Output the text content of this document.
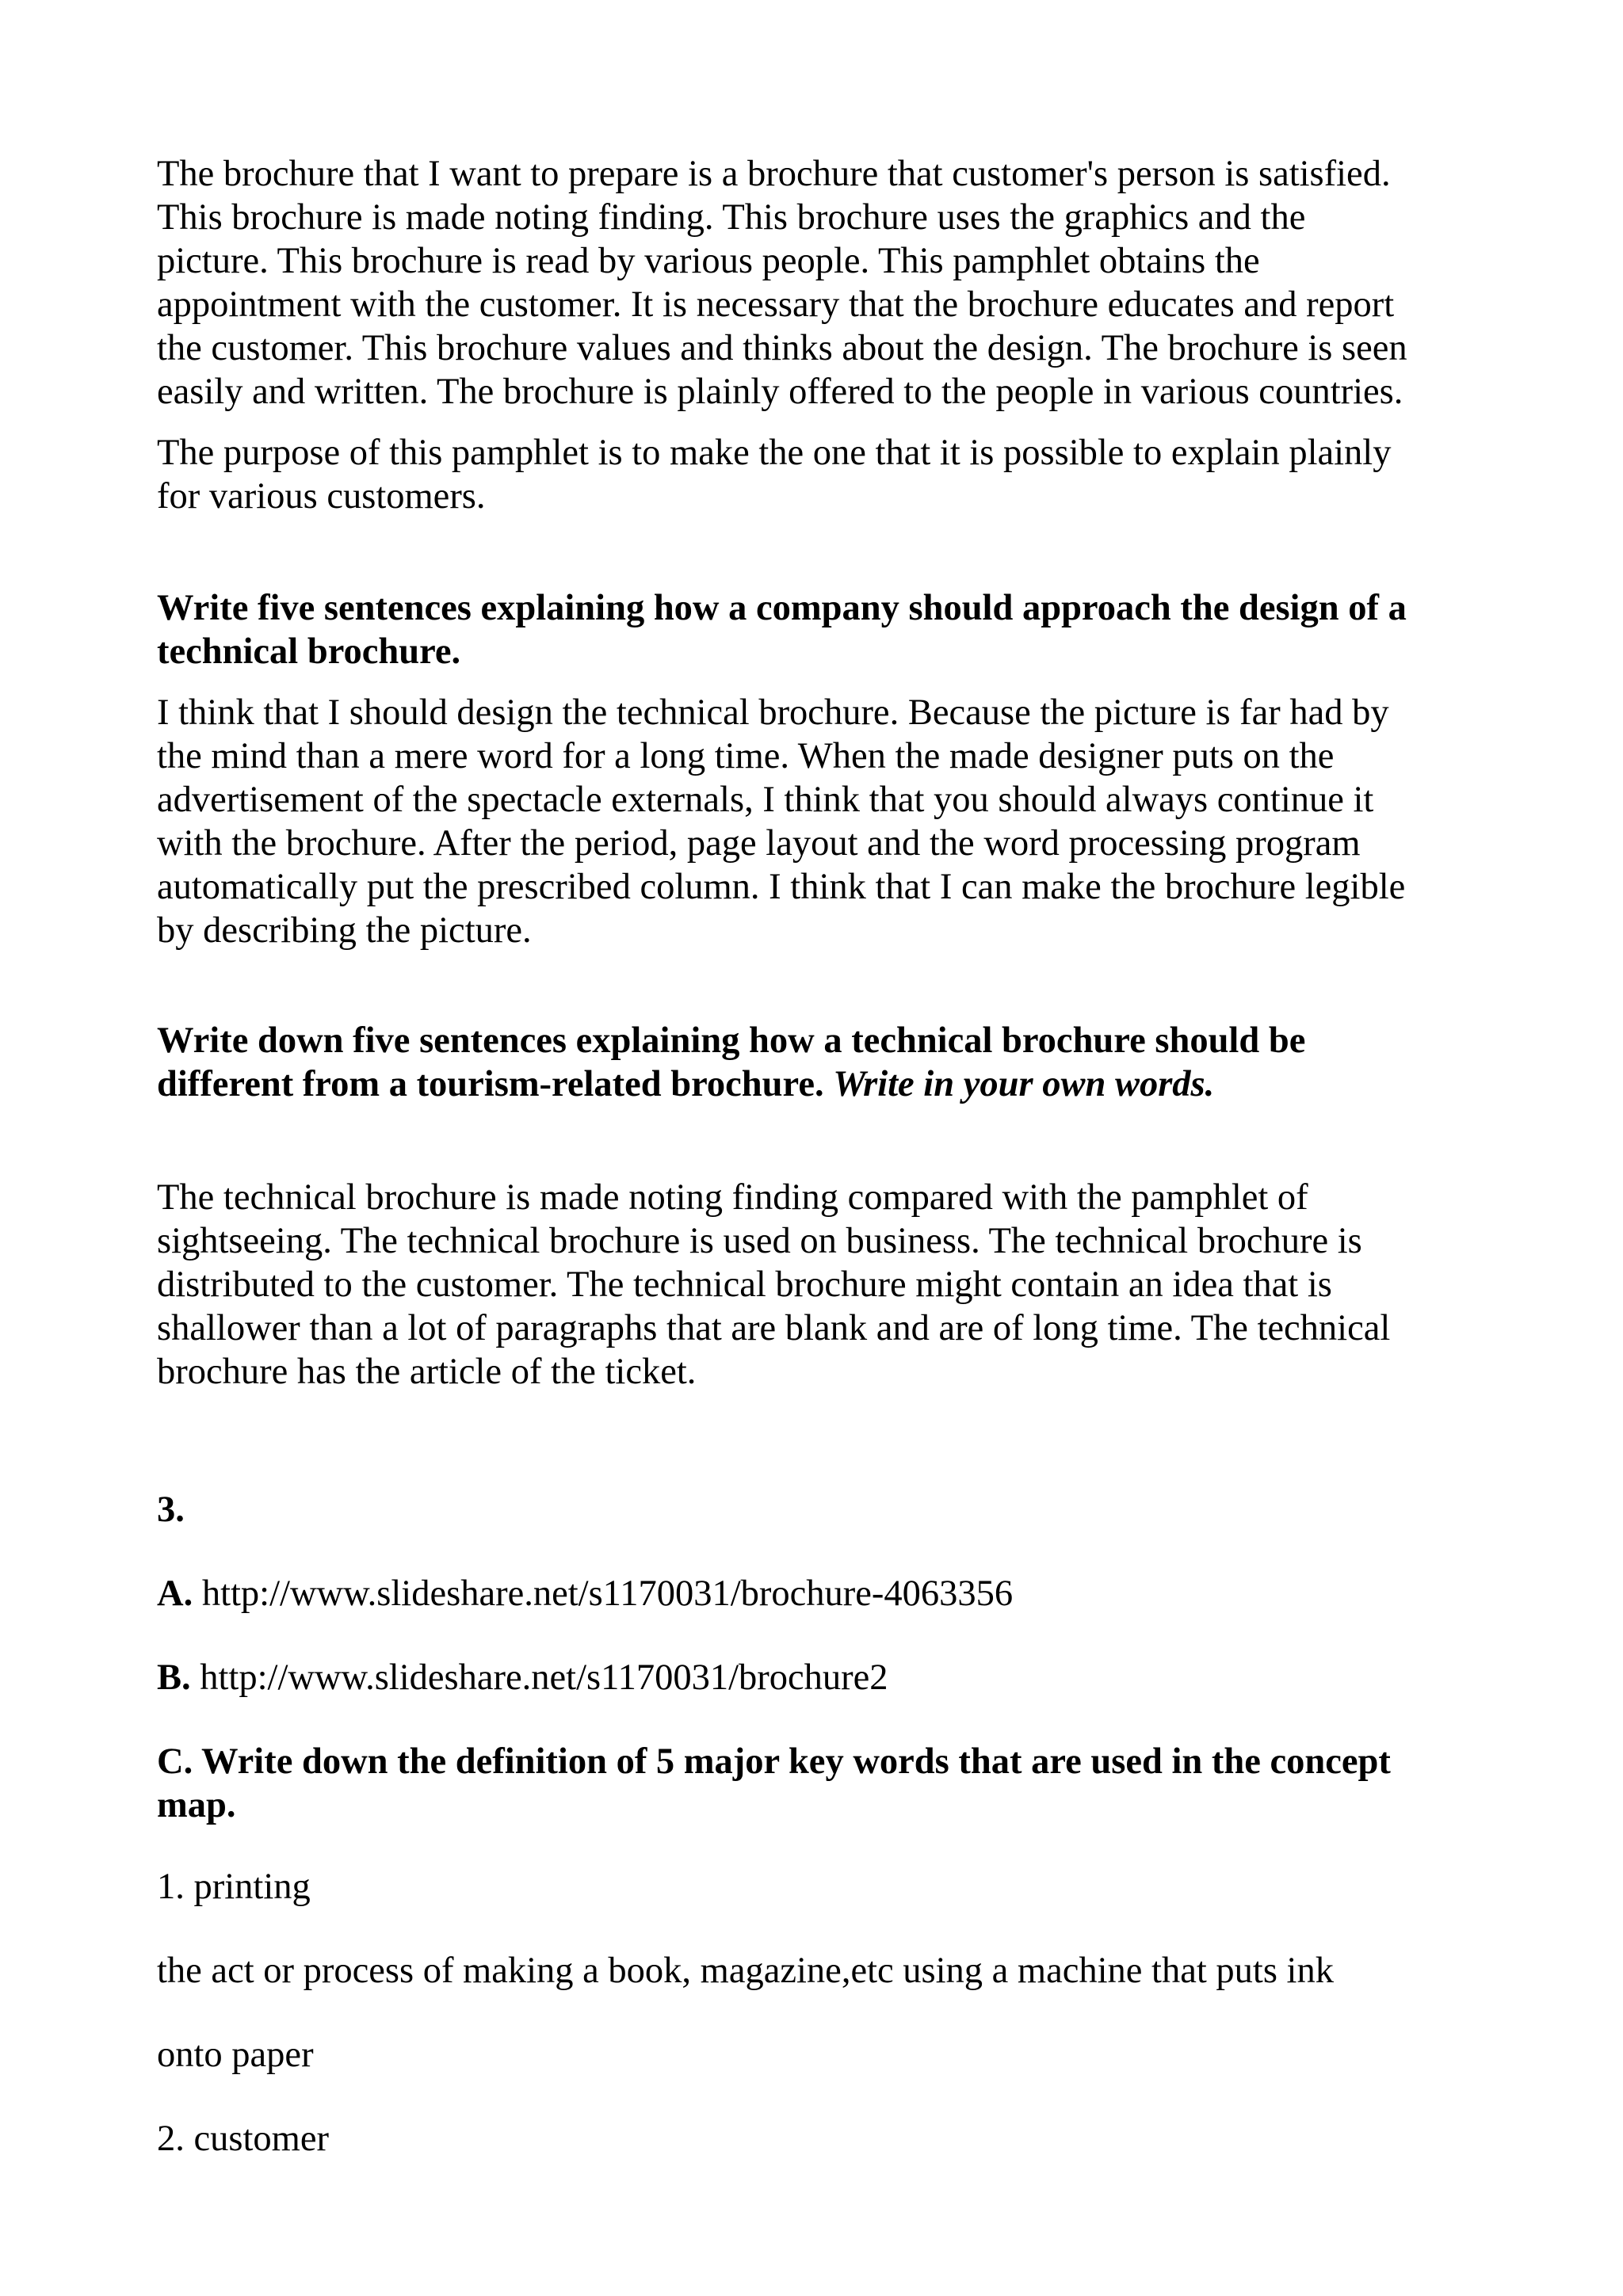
The brochure that I want to prepare is a brochure that customer's person is satisfied.
This brochure is made noting finding. This brochure uses the graphics and the
picture. This brochure is read by various people. This pamphlet obtains the
appointment with the customer. It is necessary that the brochure educates and report
the customer. This brochure values and thinks about the design. The brochure is seen
easily and written. The brochure is plainly offered to the people in various countries.

The purpose of this pamphlet is to make the one that it is possible to explain plainly
for various customers.

Write five sentences explaining how a company should approach the design of a
technical brochure.

I think that I should design the technical brochure. Because the picture is far had by
the mind than a mere word for a long time. When the made designer puts on the
advertisement of the spectacle externals, I think that you should always continue it
with the brochure. After the period, page layout and the word processing program
automatically put the prescribed column. I think that I can make the brochure legible
by describing the picture.

Write down five sentences explaining how a technical brochure should be
different from a tourism-related brochure. Write in your own words.

The technical brochure is made noting finding compared with the pamphlet of
sightseeing. The technical brochure is used on business. The technical brochure is
distributed to the customer. The technical brochure might contain an idea that is
shallower than a lot of paragraphs that are blank and are of long time. The technical
brochure has the article of the ticket.

3.

A. http://www.slideshare.net/s1170031/brochure-4063356

B. http://www.slideshare.net/s1170031/brochure2

C. Write down the definition of 5 major key words that are used in the concept
map.

1. printing

the act or process of making a book, magazine,etc using a machine that puts ink

onto paper

2. customer
